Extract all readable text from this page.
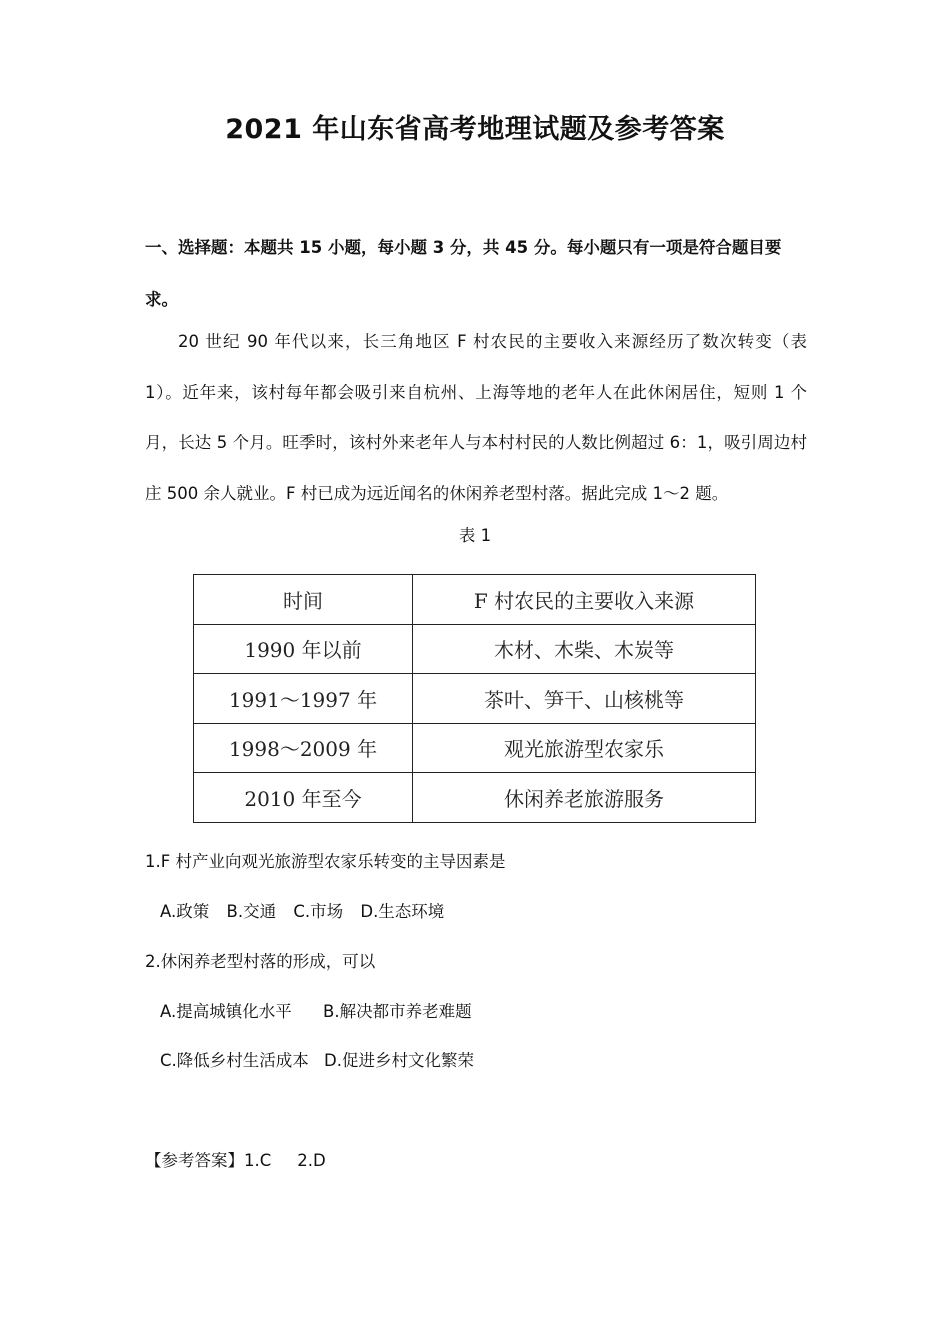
2021 年山东省高考地理试题及参考答案
一、选择题：本题共 15 小题，每小题 3 分，共 45 分。每小题只有一项是符合题目要求。
20 世纪 90 年代以来，长三角地区 F 村农民的主要收入来源经历了数次转变（表 1）。近年来，该村每年都会吸引来自杭州、上海等地的老年人在此休闲居住，短则 1 个月，长达 5 个月。旺季时，该村外来老年人与本村村民的人数比例超过 6：1，吸引周边村庄 500 余人就业。F 村已成为远近闻名的休闲养老型村落。据此完成 1～2 题。
表 1
时间	F 村农民的主要收入来源
1990 年以前	木材、木柴、木炭等
1991～1997 年	茶叶、笋干、山核桃等
1998～2009 年	观光旅游型农家乐
2010 年至今	休闲养老旅游服务
1.F 村产业向观光旅游型农家乐转变的主导因素是
A.政策 B.交通 C.市场 D.生态环境
2.休闲养老型村落的形成，可以
A.提高城镇化水平 B.解决都市养老难题
C.降低乡村生活成本 D.促进乡村文化繁荣
【参考答案】1.C 2.D
